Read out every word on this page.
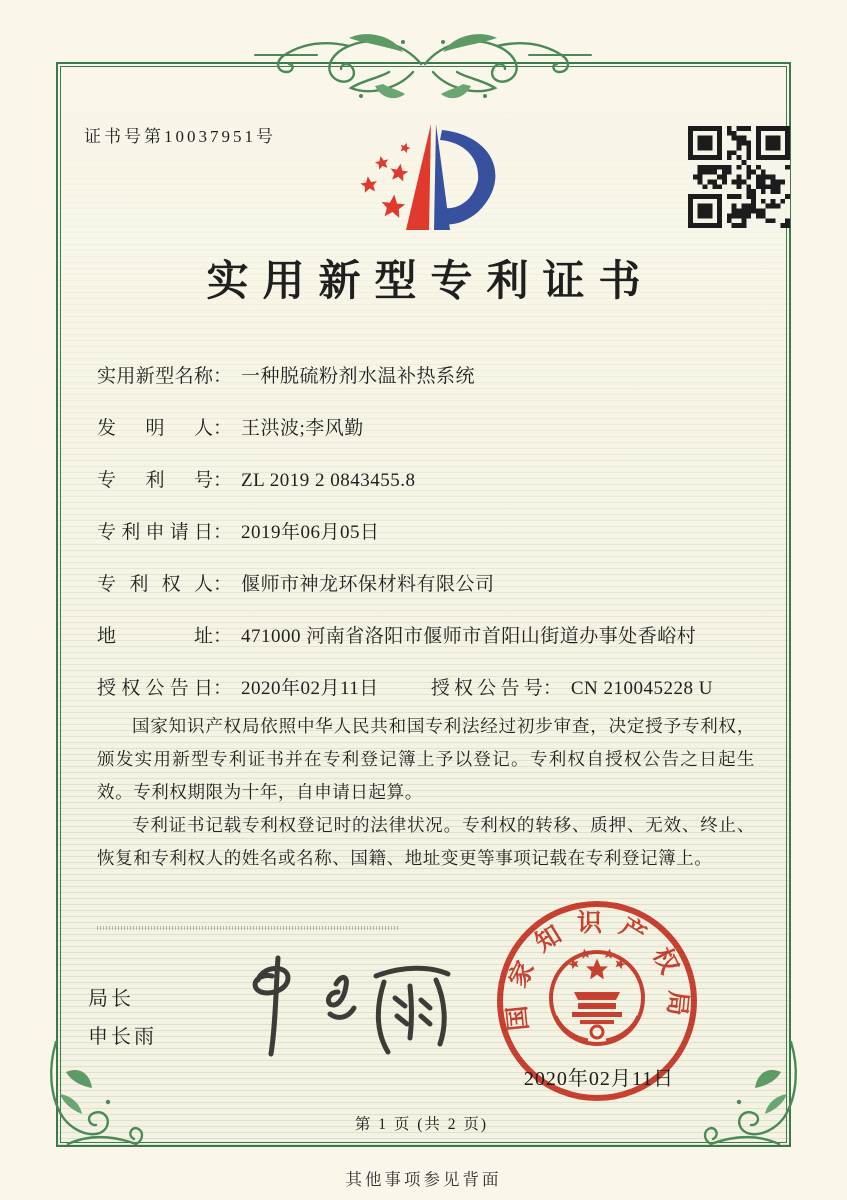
证书号第10037951号
实用新型专利证书
实用新型名称 ： 一种脱硫粉剂水温补热系统
发明人 ： 王洪波;李风勤
专利号 ： ZL 2019 2 0843455.8
专利申请日 ： 2019年06月05日
专利权人 ： 偃师市神龙环保材料有限公司
地址 ： 471000 河南省洛阳市偃师市首阳山街道办事处香峪村
授权公告日 ： 2020年02月11日	授权公告号 ： CN 210045228 U

国家知识产权局依照中华人民共和国专利法经过初步审查，决定授予专利权，颁发实用新型专利证书并在专利登记簿上予以登记。专利权自授权公告之日起生效。专利权期限为十年，自申请日起算。

专利证书记载专利权登记时的法律状况。专利权的转移、质押、无效、终止、恢复和专利权人的姓名或名称、国籍、地址变更等事项记载在专利登记簿上。

局长
申长雨
国家知识产权局
2020年02月11日
第 1 页 (共 2 页)
其他事项参见背面
